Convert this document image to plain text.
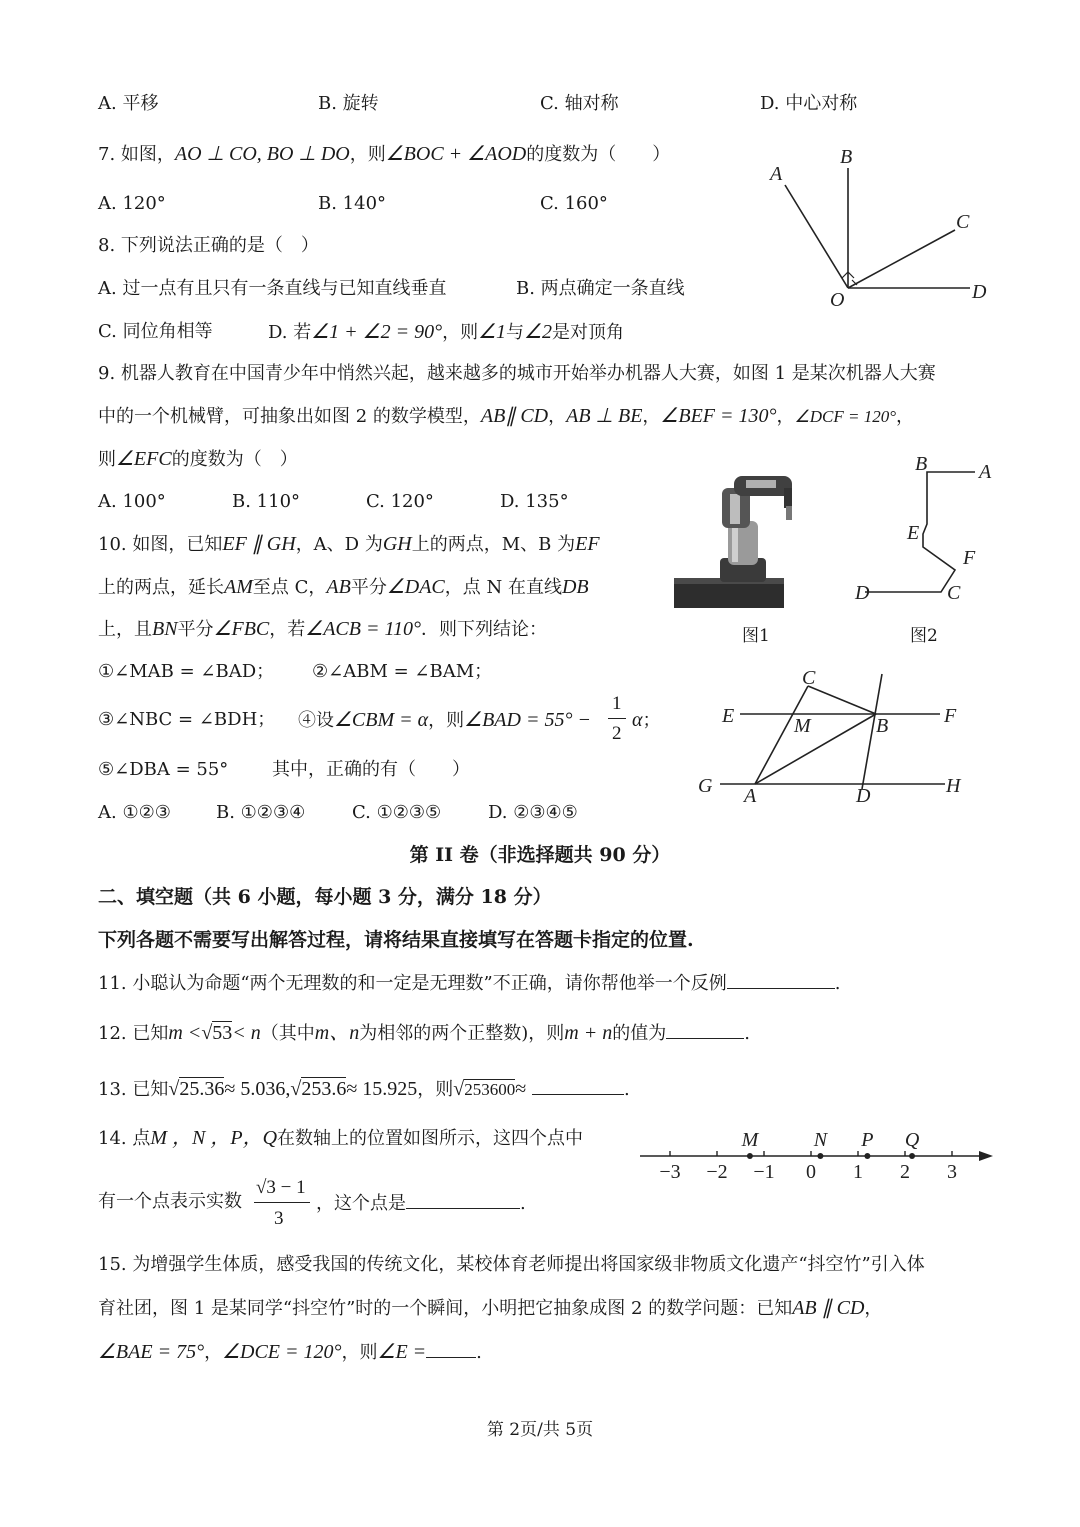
A. 平移	B. 旋转	C. 轴对称	D. 中心对称
7. 如图，AO ⊥ CO, BO ⊥ DO，则∠BOC + ∠AOD的度数为（　　）
A. 120°	B. 140°	C. 160°
B
A
C
D
O
8. 下列说法正确的是（　）
A. 过一点有且只有一条直线与已知直线垂直	B. 两点确定一条直线
C. 同位角相等	D. 若∠1 + ∠2 = 90°，则∠1与∠2是对顶角
9. 机器人教育在中国青少年中悄然兴起，越来越多的城市开始举办机器人大赛，如图 1 是某次机器人大赛
中的一个机械臂，可抽象出如图 2 的数学模型，AB∥ CD，AB ⊥ BE，∠BEF = 130°，∠DCF = 120°，
则∠EFC的度数为（　）
A. 100°	B. 110°	C. 120°	D. 135°
图1
B	A
E
F
D	C
图2
10. 如图，已知EF ∥ GH，A、D 为GH上的两点，M、B 为EF
上的两点，延长AM至点 C，AB平分∠DAC，点 N 在直线DB
上，且BN平分∠FBC，若∠ACB = 110°．则下列结论：
①∠MAB = ∠BAD； ②∠ABM = ∠BAM；
③∠NBC = ∠BDH； ④设∠CBM = α，则∠BAD = 55° −
1
2
α；
⑤∠DBA = 55° 其中，正确的有（　　）
A. ①②③	B. ①②③④	C. ①②③⑤	D. ②③④⑤
C
E	M	B	F
G A	D	H
第 II 卷（非选择题共 90 分）
二、填空题（共 6 小题，每小题 3 分，满分 18 分）
下列各题不需要写出解答过程，请将结果直接填写在答题卡指定的位置.
11. 小聪认为命题“两个无理数的和一定是无理数”不正确，请你帮他举一个反例	.
12. 已知m <√53< n（其中m、n为相邻的两个正整数)，则m + n的值为	.
13. 已知√25.36≈ 5.036,√253.6≈ 15.925，则√253600≈	.
14. 点M ，N ，P，Q在数轴上的位置如图所示，这四个点中
有一个点表示实数
√3 − 1
3
，这个点是	.
−3 −2 −1 0 1 2 3
M	N P Q
15. 为增强学生体质，感受我国的传统文化，某校体育老师提出将国家级非物质文化遗产“抖空竹”引入体
育社团，图 1 是某同学“抖空竹”时的一个瞬间，小明把它抽象成图 2 的数学问题：已知AB ∥ CD，
∠BAE = 75°，∠DCE = 120°，则∠E =	.
第 2页/共 5页
